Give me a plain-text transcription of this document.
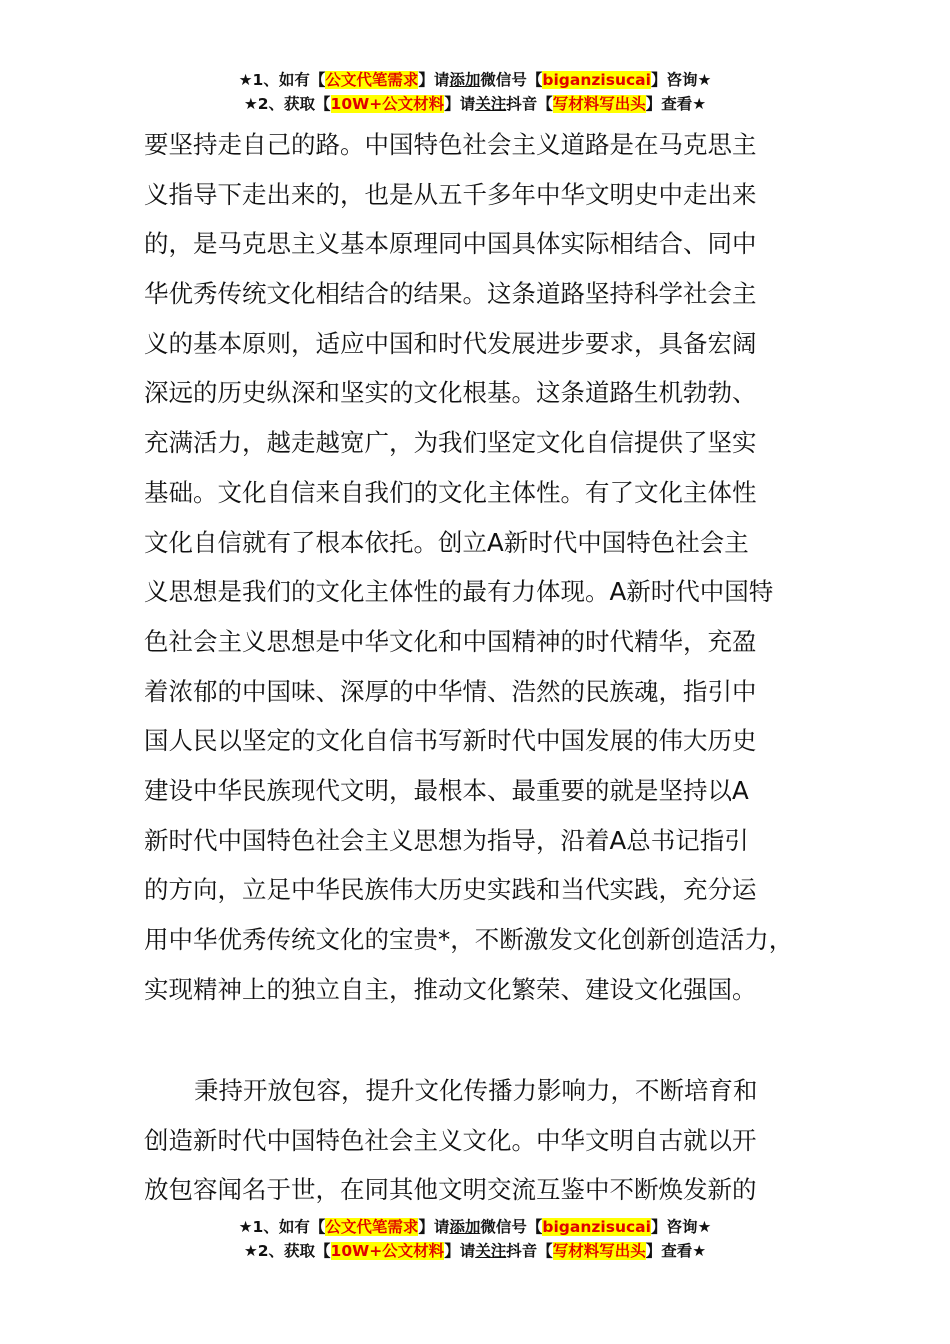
★1、如有【公文代笔需求】请添加微信号【biganzisucai】咨询★
★2、获取【10W+公文材料】请关注抖音【写材料写出头】查看★
要坚持走自己的路。中国特色社会主义道路是在马克思主
义指导下走出来的，也是从五千多年中华文明史中走出来
的，是马克思主义基本原理同中国具体实际相结合、同中
华优秀传统文化相结合的结果。这条道路坚持科学社会主
义的基本原则，适应中国和时代发展进步要求，具备宏阔
深远的历史纵深和坚实的文化根基。这条道路生机勃勃、
充满活力，越走越宽广，为我们坚定文化自信提供了坚实
基础。文化自信来自我们的文化主体性。有了文化主体性
文化自信就有了根本依托。创立A新时代中国特色社会主
义思想是我们的文化主体性的最有力体现。A新时代中国特
色社会主义思想是中华文化和中国精神的时代精华，充盈
着浓郁的中国味、深厚的中华情、浩然的民族魂，指引中
国人民以坚定的文化自信书写新时代中国发展的伟大历史
建设中华民族现代文明，最根本、最重要的就是坚持以A
新时代中国特色社会主义思想为指导，沿着A总书记指引
的方向，立足中华民族伟大历史实践和当代实践，充分运
用中华优秀传统文化的宝贵*，不断激发文化创新创造活力，
实现精神上的独立自主，推动文化繁荣、建设文化强国。
秉持开放包容，提升文化传播力影响力，不断培育和
创造新时代中国特色社会主义文化。中华文明自古就以开
放包容闻名于世，在同其他文明交流互鉴中不断焕发新的
★1、如有【公文代笔需求】请添加微信号【biganzisucai】咨询★
★2、获取【10W+公文材料】请关注抖音【写材料写出头】查看★
